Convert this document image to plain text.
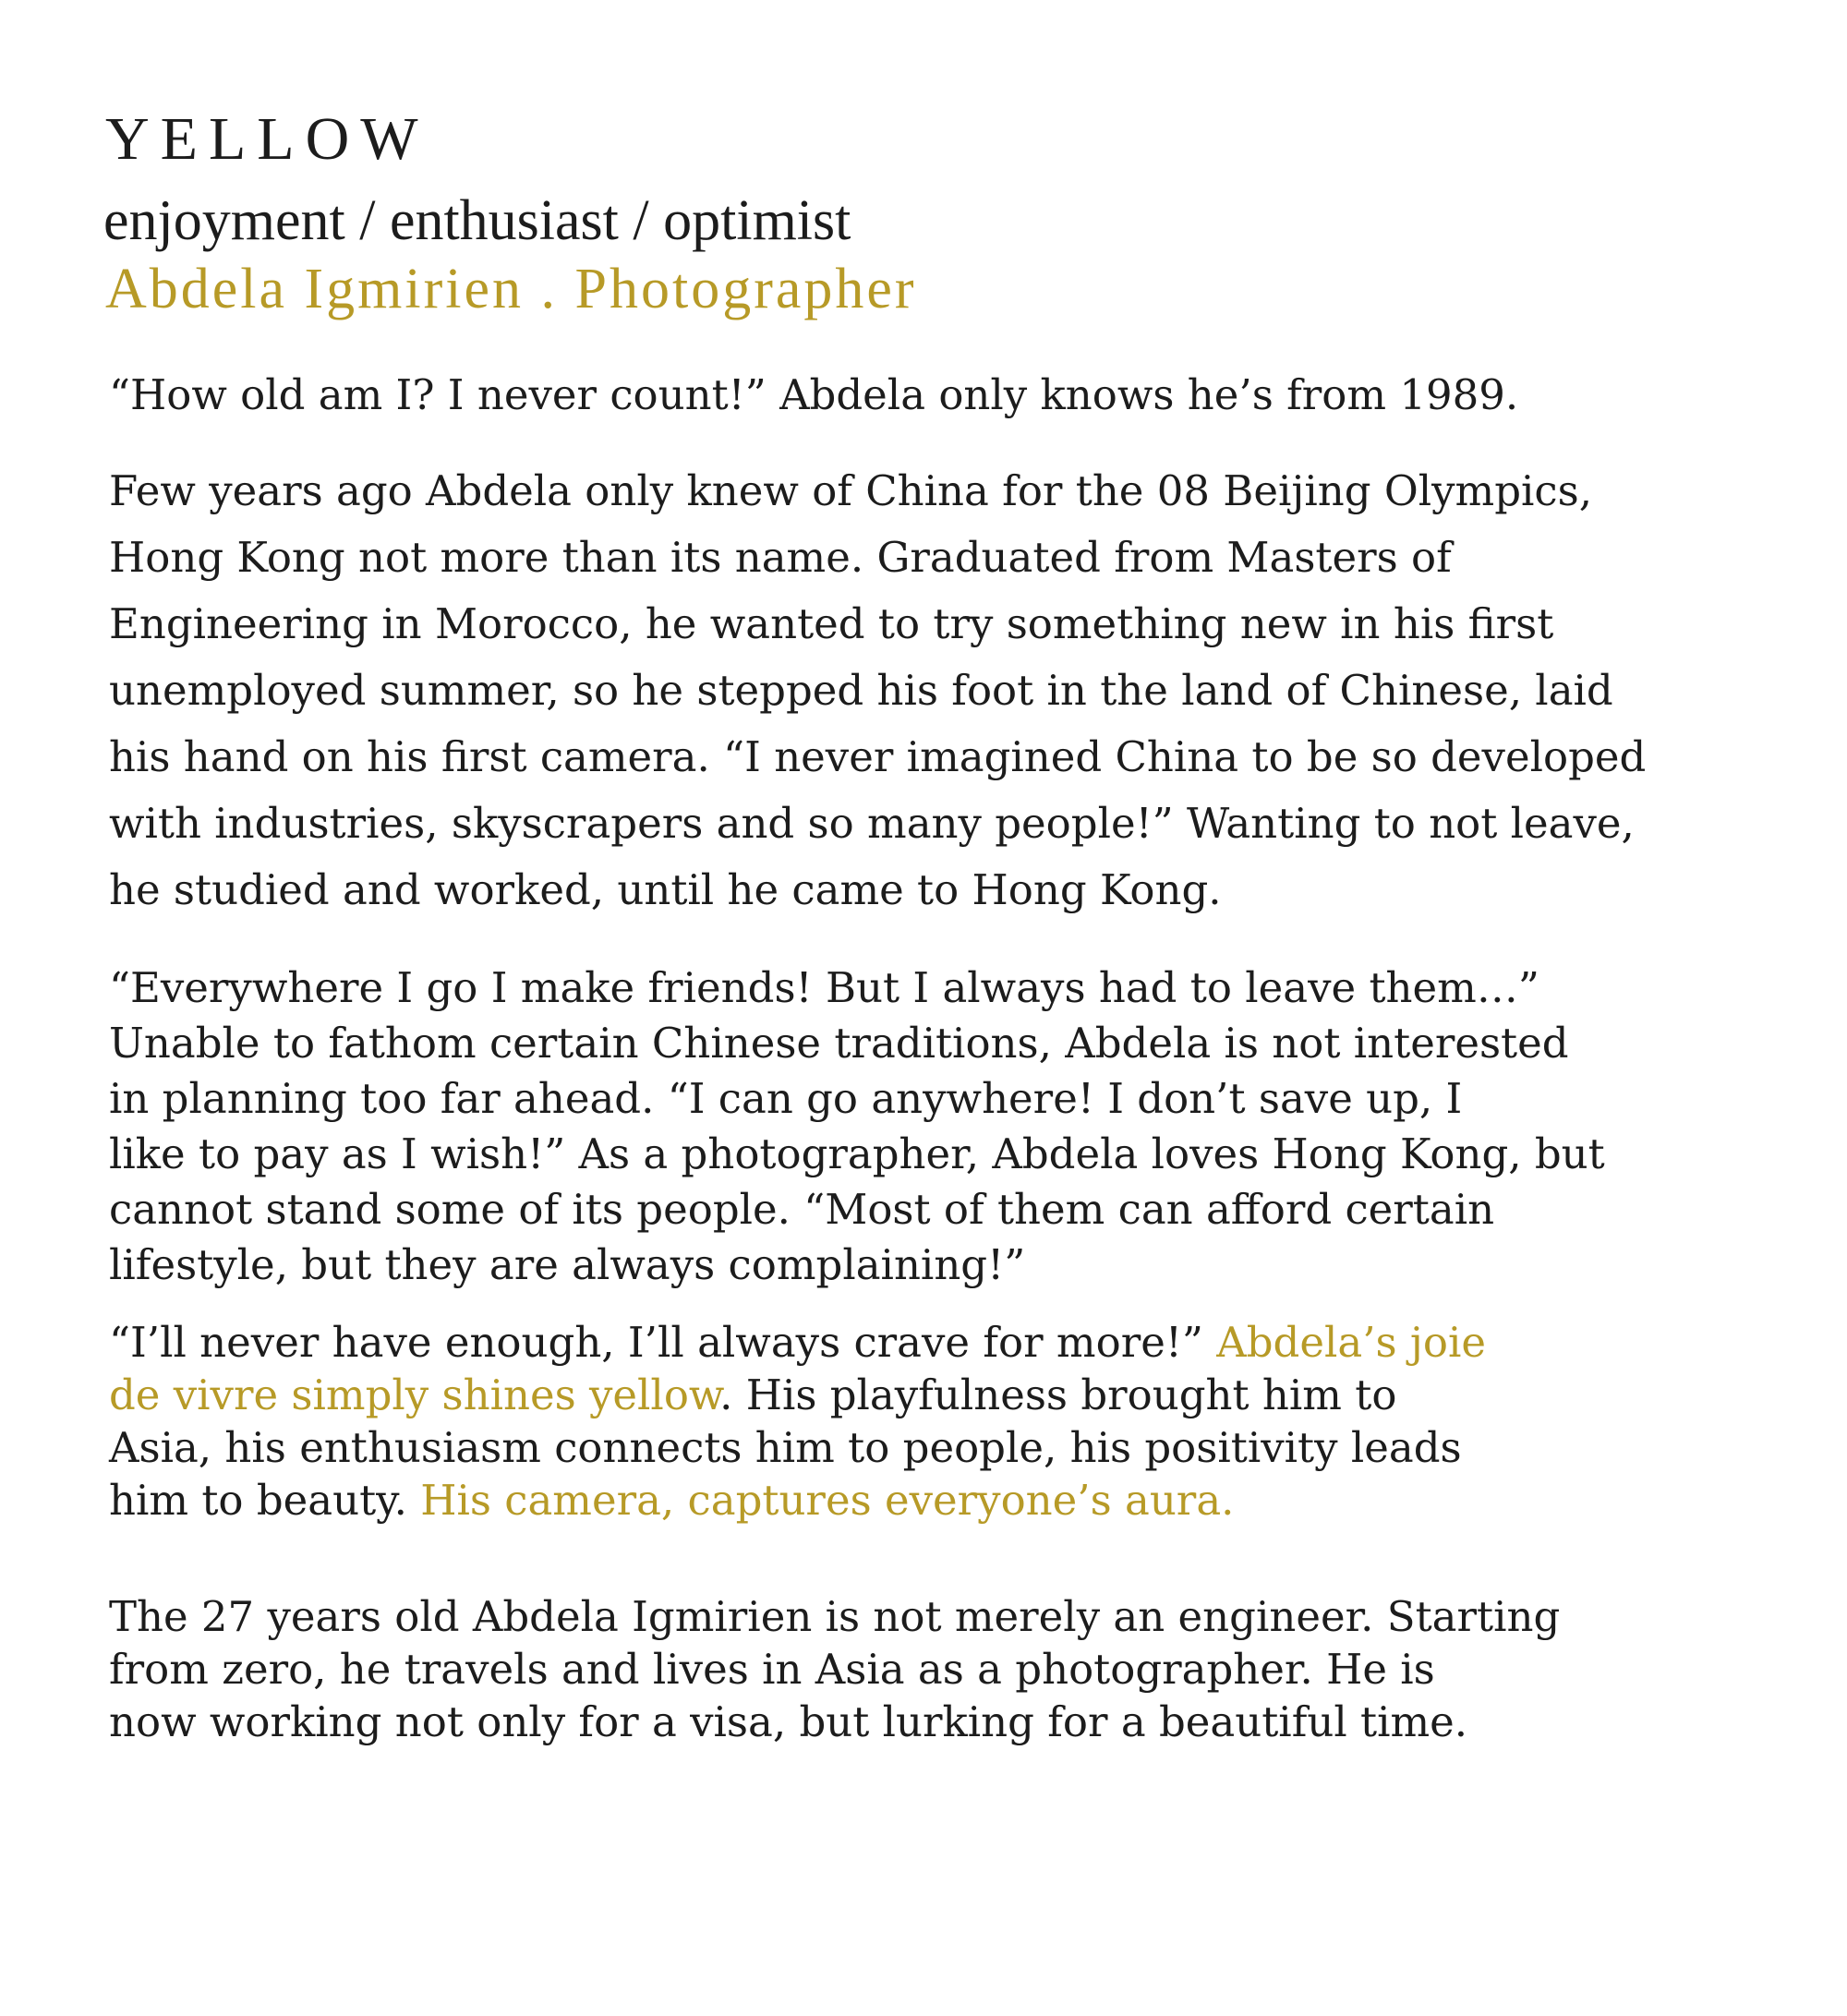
YELLOW
enjoyment / enthusiast / optimist
Abdela Igmirien . Photographer

“How old am I? I never count!” Abdela only knows he’s from 1989.

Few years ago Abdela only knew of China for the 08 Beijing Olympics,
Hong Kong not more than its name. Graduated from Masters of
Engineering in Morocco, he wanted to try something new in his first
unemployed summer, so he stepped his foot in the land of Chinese, laid
his hand on his first camera. “I never imagined China to be so developed
with industries, skyscrapers and so many people!” Wanting to not leave,
he studied and worked, until he came to Hong Kong.

“Everywhere I go I make friends! But I always had to leave them…”
Unable to fathom certain Chinese traditions, Abdela is not interested
in planning too far ahead. “I can go anywhere! I don’t save up, I
like to pay as I wish!” As a photographer, Abdela loves Hong Kong, but
cannot stand some of its people. “Most of them can afford certain
lifestyle, but they are always complaining!”

“I’ll never have enough, I’ll always crave for more!” Abdela’s joie
de vivre simply shines yellow. His playfulness brought him to
Asia, his enthusiasm connects him to people, his positivity leads
him to beauty. His camera, captures everyone’s aura.

The 27 years old Abdela Igmirien is not merely an engineer. Starting
from zero, he travels and lives in Asia as a photographer. He is
now working not only for a visa, but lurking for a beautiful time.
